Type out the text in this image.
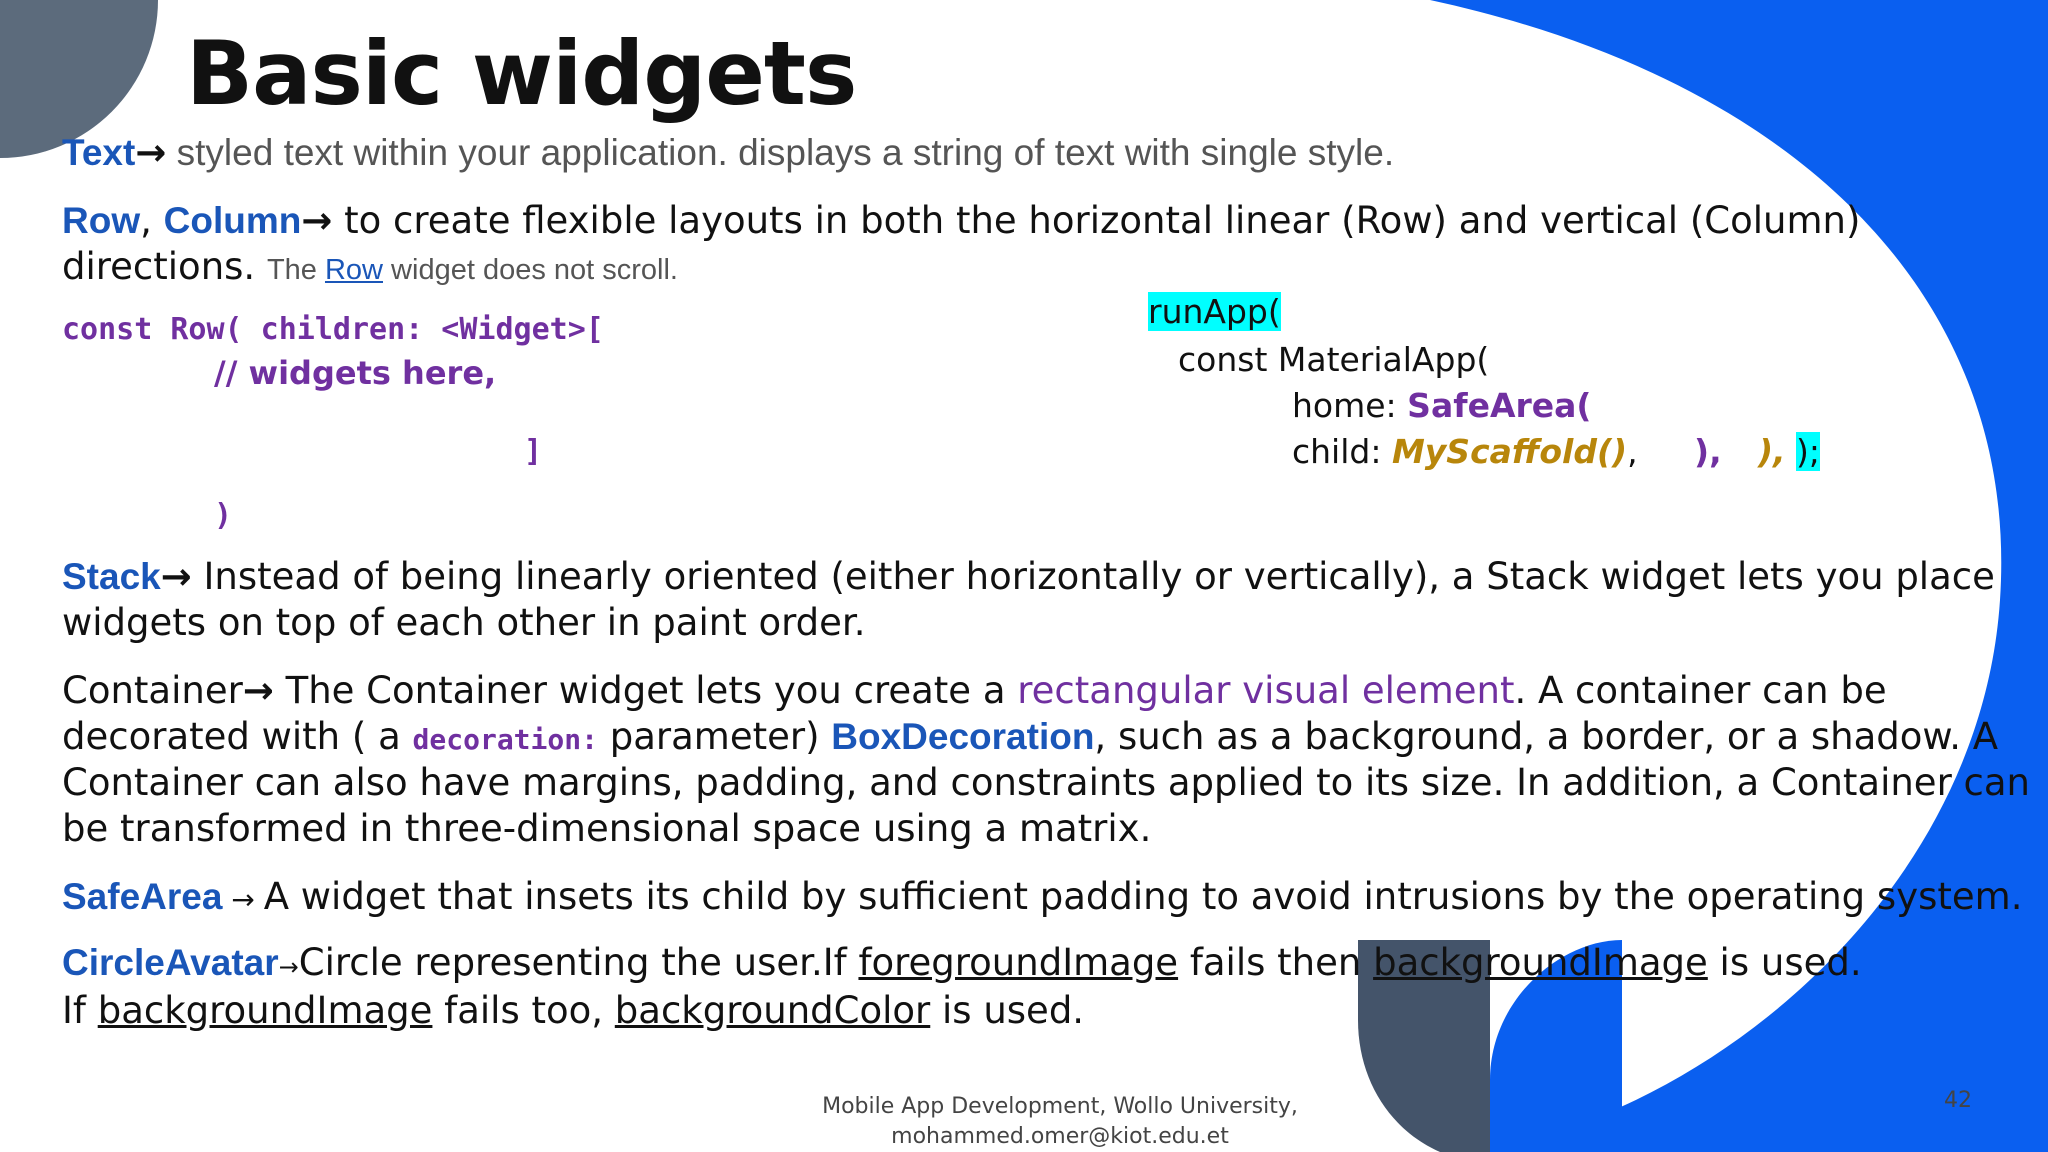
Basic widgets
Text→ styled text within your application. displays a string of text with single style.
Row, Column→ to create flexible layouts in both the horizontal linear (Row) and vertical (Column)
directions. The Row widget does not scroll.
const Row( children: <Widget>[
// widgets here,
]
)
runApp(
const MaterialApp(
home: SafeArea(
child: MyScaffold(), ), ), );
Stack→ Instead of being linearly oriented (either horizontally or vertically), a Stack widget lets you place
widgets on top of each other in paint order.
Container→ The Container widget lets you create a rectangular visual element. A container can be
decorated with ( a decoration: parameter) BoxDecoration, such as a background, a border, or a shadow. A
Container can also have margins, padding, and constraints applied to its size. In addition, a Container can
be transformed in three-dimensional space using a matrix.
SafeArea → A widget that insets its child by sufficient padding to avoid intrusions by the operating system.
CircleAvatar→Circle representing the user.If foregroundImage fails then backgroundImage is used.
If backgroundImage fails too, backgroundColor is used.
Mobile App Development, Wollo University,
mohammed.omer@kiot.edu.et
42
